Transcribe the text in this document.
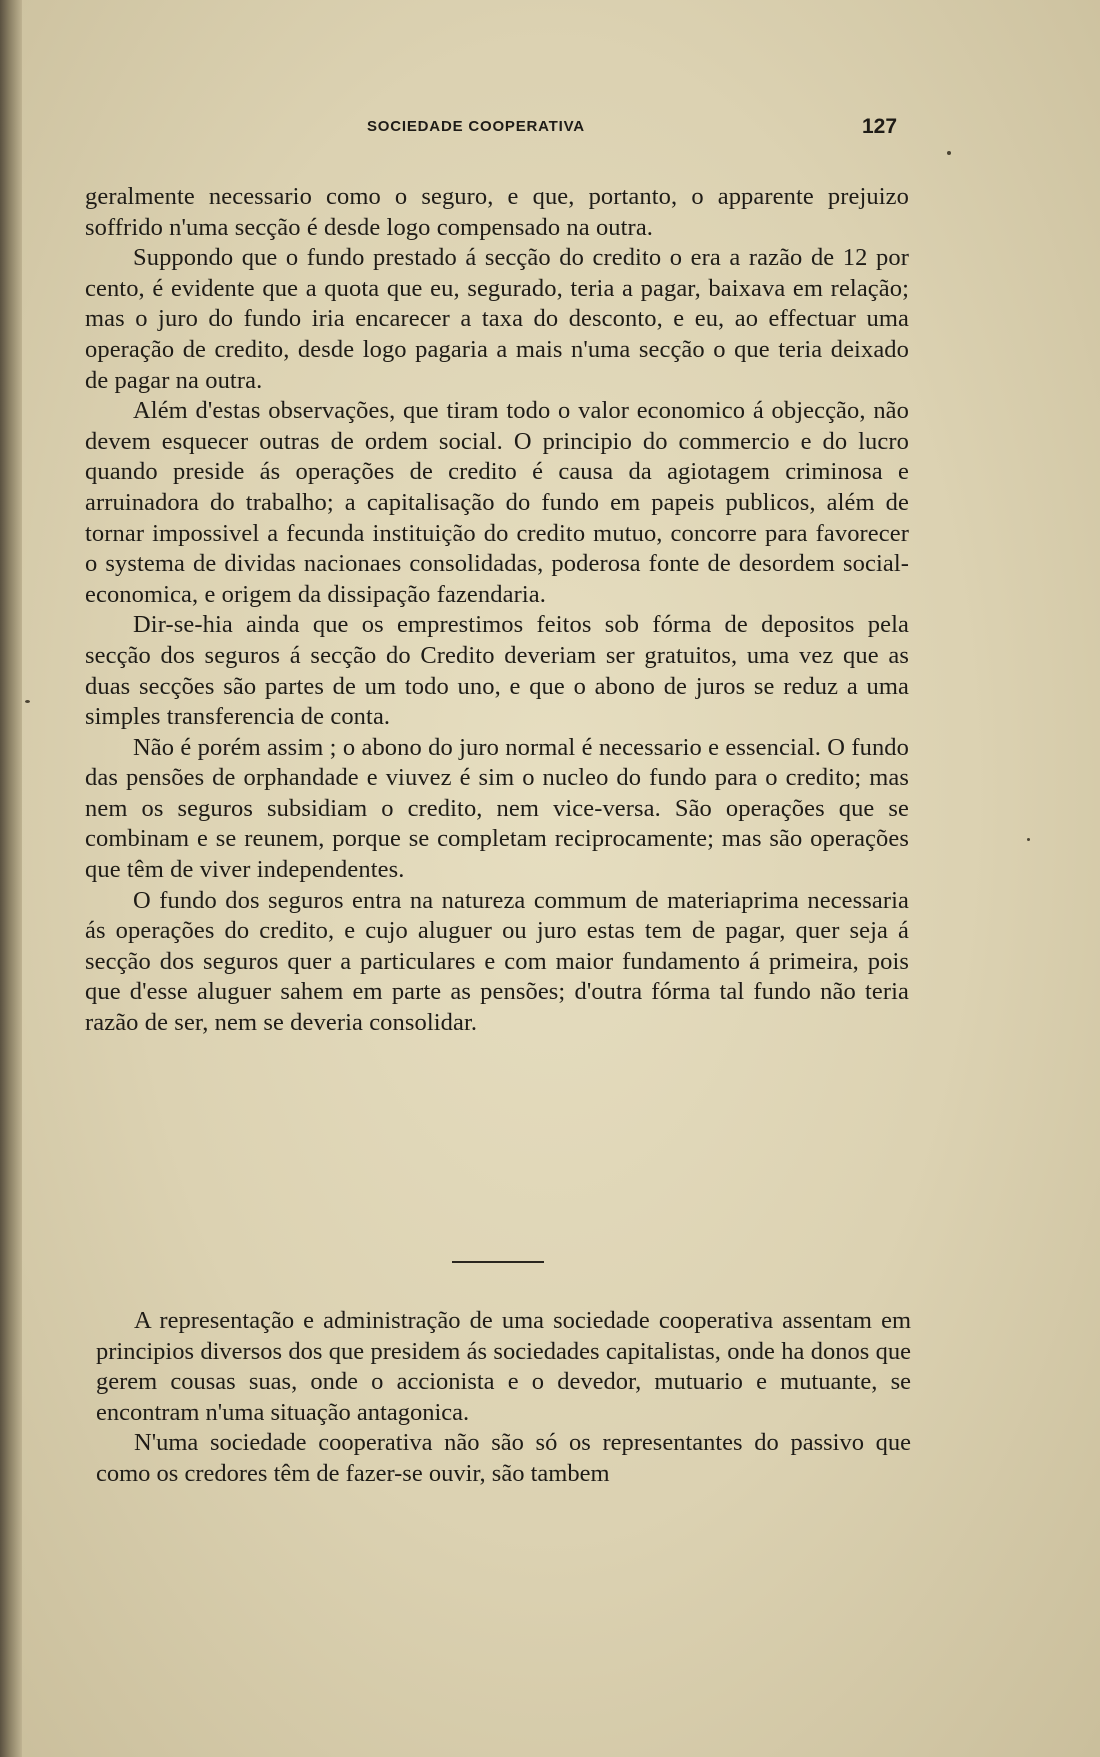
SOCIEDADE COOPERATIVA	127

geralmente necessario como o seguro, e que, portanto, o apparente prejuizo soffrido n'uma secção é desde logo compensado na outra.

Suppondo que o fundo prestado á secção do credito o era a razão de 12 por cento, é evidente que a quota que eu, segurado, teria a pagar, baixava em relação; mas o juro do fundo iria encarecer a taxa do desconto, e eu, ao effectuar uma operação de credito, desde logo pagaria a mais n'uma secção o que teria deixado de pagar na outra.

Além d'estas observações, que tiram todo o valor economico á objecção, não devem esquecer outras de ordem social. O principio do commercio e do lucro quando preside ás operações de credito é causa da agiotagem criminosa e arruinadora do trabalho; a capitalisação do fundo em papeis publicos, além de tornar impossivel a fecunda instituição do credito mutuo, concorre para favorecer o systema de dividas nacionaes consolidadas, poderosa fonte de desordem social-economica, e origem da dissipação fazendaria.

Dir-se-hia ainda que os emprestimos feitos sob fórma de depositos pela secção dos seguros á secção do Credito deveriam ser gratuitos, uma vez que as duas secções são partes de um todo uno, e que o abono de juros se reduz a uma simples transferencia de conta.

Não é porém assim ; o abono do juro normal é necessario e essencial. O fundo das pensões de orphandade e viuvez é sim o nucleo do fundo para o credito; mas nem os seguros subsidiam o credito, nem vice-versa. São operações que se combinam e se reunem, porque se completam reciprocamente; mas são operações que têm de viver independentes.

O fundo dos seguros entra na natureza commum de materiaprima necessaria ás operações do credito, e cujo aluguer ou juro estas tem de pagar, quer seja á secção dos seguros quer a particulares e com maior fundamento á primeira, pois que d'esse aluguer sahem em parte as pensões; d'outra fórma tal fundo não teria razão de ser, nem se deveria consolidar.

A representação e administração de uma sociedade cooperativa assentam em principios diversos dos que presidem ás sociedades capitalistas, onde ha donos que gerem cousas suas, onde o accionista e o devedor, mutuario e mutuante, se encontram n'uma situação antagonica.

N'uma sociedade cooperativa não são só os representantes do passivo que como os credores têm de fazer-se ouvir, são tambem
